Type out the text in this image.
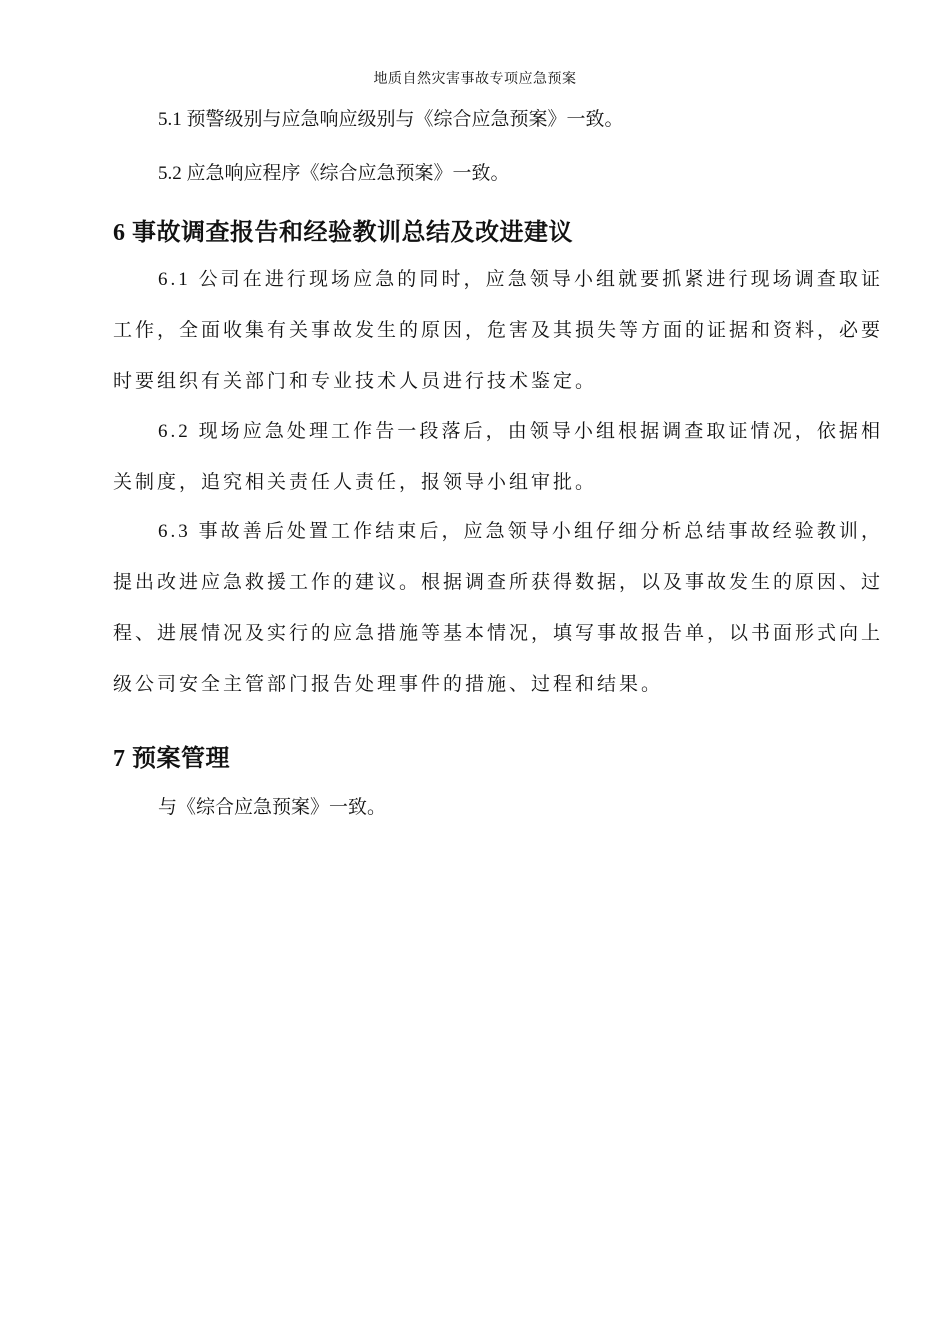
地质自然灾害事故专项应急预案

5.1 预警级别与应急响应级别与《综合应急预案》一致。

5.2 应急响应程序《综合应急预案》一致。

6 事故调查报告和经验教训总结及改进建议

6.1 公司在进行现场应急的同时，应急领导小组就要抓紧进行现场调查取证工作，全面收集有关事故发生的原因，危害及其损失等方面的证据和资料，必要时要组织有关部门和专业技术人员进行技术鉴定。

6.2 现场应急处理工作告一段落后，由领导小组根据调查取证情况，依据相关制度，追究相关责任人责任，报领导小组审批。

6.3 事故善后处置工作结束后，应急领导小组仔细分析总结事故经验教训，提出改进应急救援工作的建议。根据调查所获得数据，以及事故发生的原因、过程、进展情况及实行的应急措施等基本情况，填写事故报告单，以书面形式向上级公司安全主管部门报告处理事件的措施、过程和结果。

7 预案管理

与《综合应急预案》一致。
